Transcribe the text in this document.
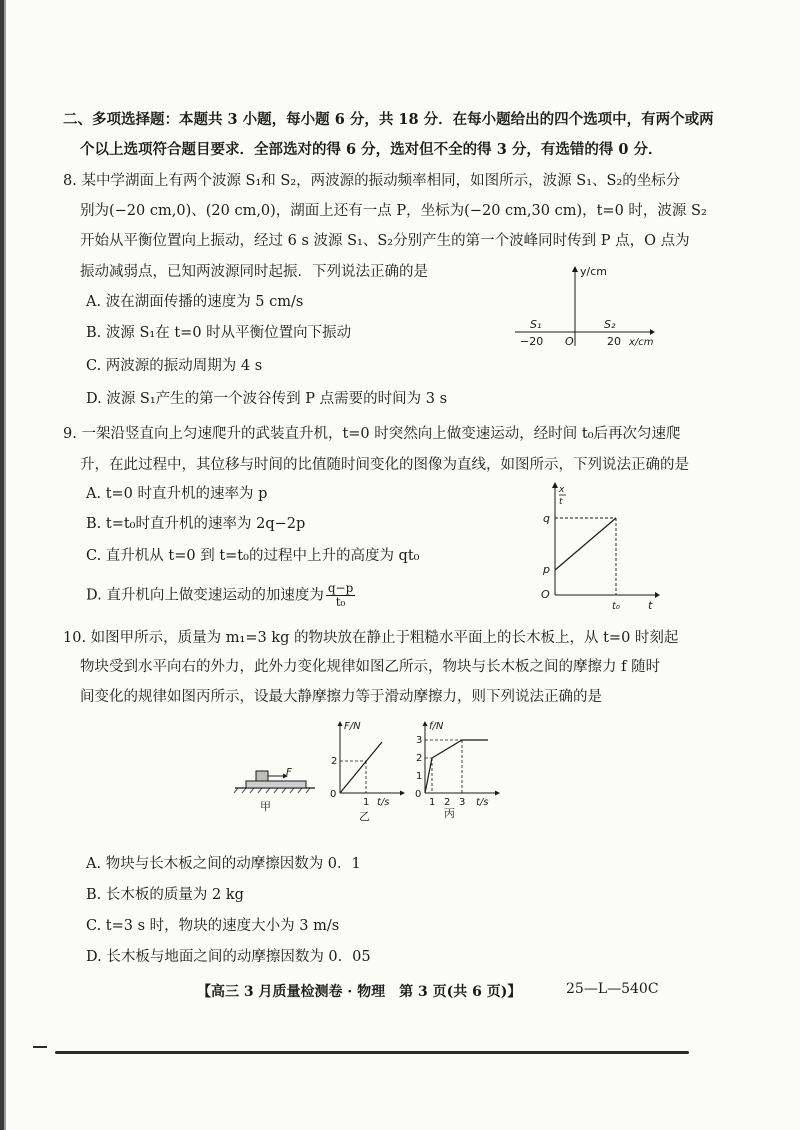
二、多项选择题：本题共 3 小题，每小题 6 分，共 18 分．在每小题给出的四个选项中，有两个或两
个以上选项符合题目要求．全部选对的得 6 分，选对但不全的得 3 分，有选错的得 0 分．
8. 某中学湖面上有两个波源 S₁和 S₂，两波源的振动频率相同，如图所示，波源 S₁、S₂的坐标分
别为(−20 cm,0)、(20 cm,0)，湖面上还有一点 P，坐标为(−20 cm,30 cm)，t=0 时，波源 S₂
开始从平衡位置向上振动，经过 6 s 波源 S₁、S₂分别产生的第一个波峰同时传到 P 点，O 点为
振动减弱点，已知两波源同时起振．下列说法正确的是
A. 波在湖面传播的速度为 5 cm/s
B. 波源 S₁在 t=0 时从平衡位置向下振动
C. 两波源的振动周期为 4 s
D. 波源 S₁产生的第一个波谷传到 P 点需要的时间为 3 s
y/cm
x/cm
O
S₁	S₂
−20	20
9. 一架沿竖直向上匀速爬升的武装直升机，t=0 时突然向上做变速运动，经时间 t₀后再次匀速爬
升，在此过程中，其位移与时间的比值随时间变化的图像为直线，如图所示，下列说法正确的是
A. t=0 时直升机的速率为 p
B. t=t₀时直升机的速率为 2q−2p
C. 直升机从 t=0 到 t=t₀的过程中上升的高度为 qt₀
D. 直升机向上做变速运动的加速度为 $\frac{q-p}{\text{t₀}}$
x
t
q
p
O
t₀	t
10. 如图甲所示，质量为 m₁=3 kg 的物块放在静止于粗糙水平面上的长木板上，从 t=0 时刻起
物块受到水平向右的外力，此外力变化规律如图乙所示，物块与长木板之间的摩擦力 f 随时
间变化的规律如图丙所示，设最大静摩擦力等于滑动摩擦力，则下列说法正确的是
F
甲
F/N
2
0
1 t/s
乙
f/N
3
2
1
0
1 2 3 t/s
丙
A. 物块与长木板之间的动摩擦因数为 0．1
B. 长木板的质量为 2 kg
C. t=3 s 时，物块的速度大小为 3 m/s
D. 长木板与地面之间的动摩擦因数为 0．05
【高三 3 月质量检测卷 · 物理　第 3 页(共 6 页)】	25—L—540C
